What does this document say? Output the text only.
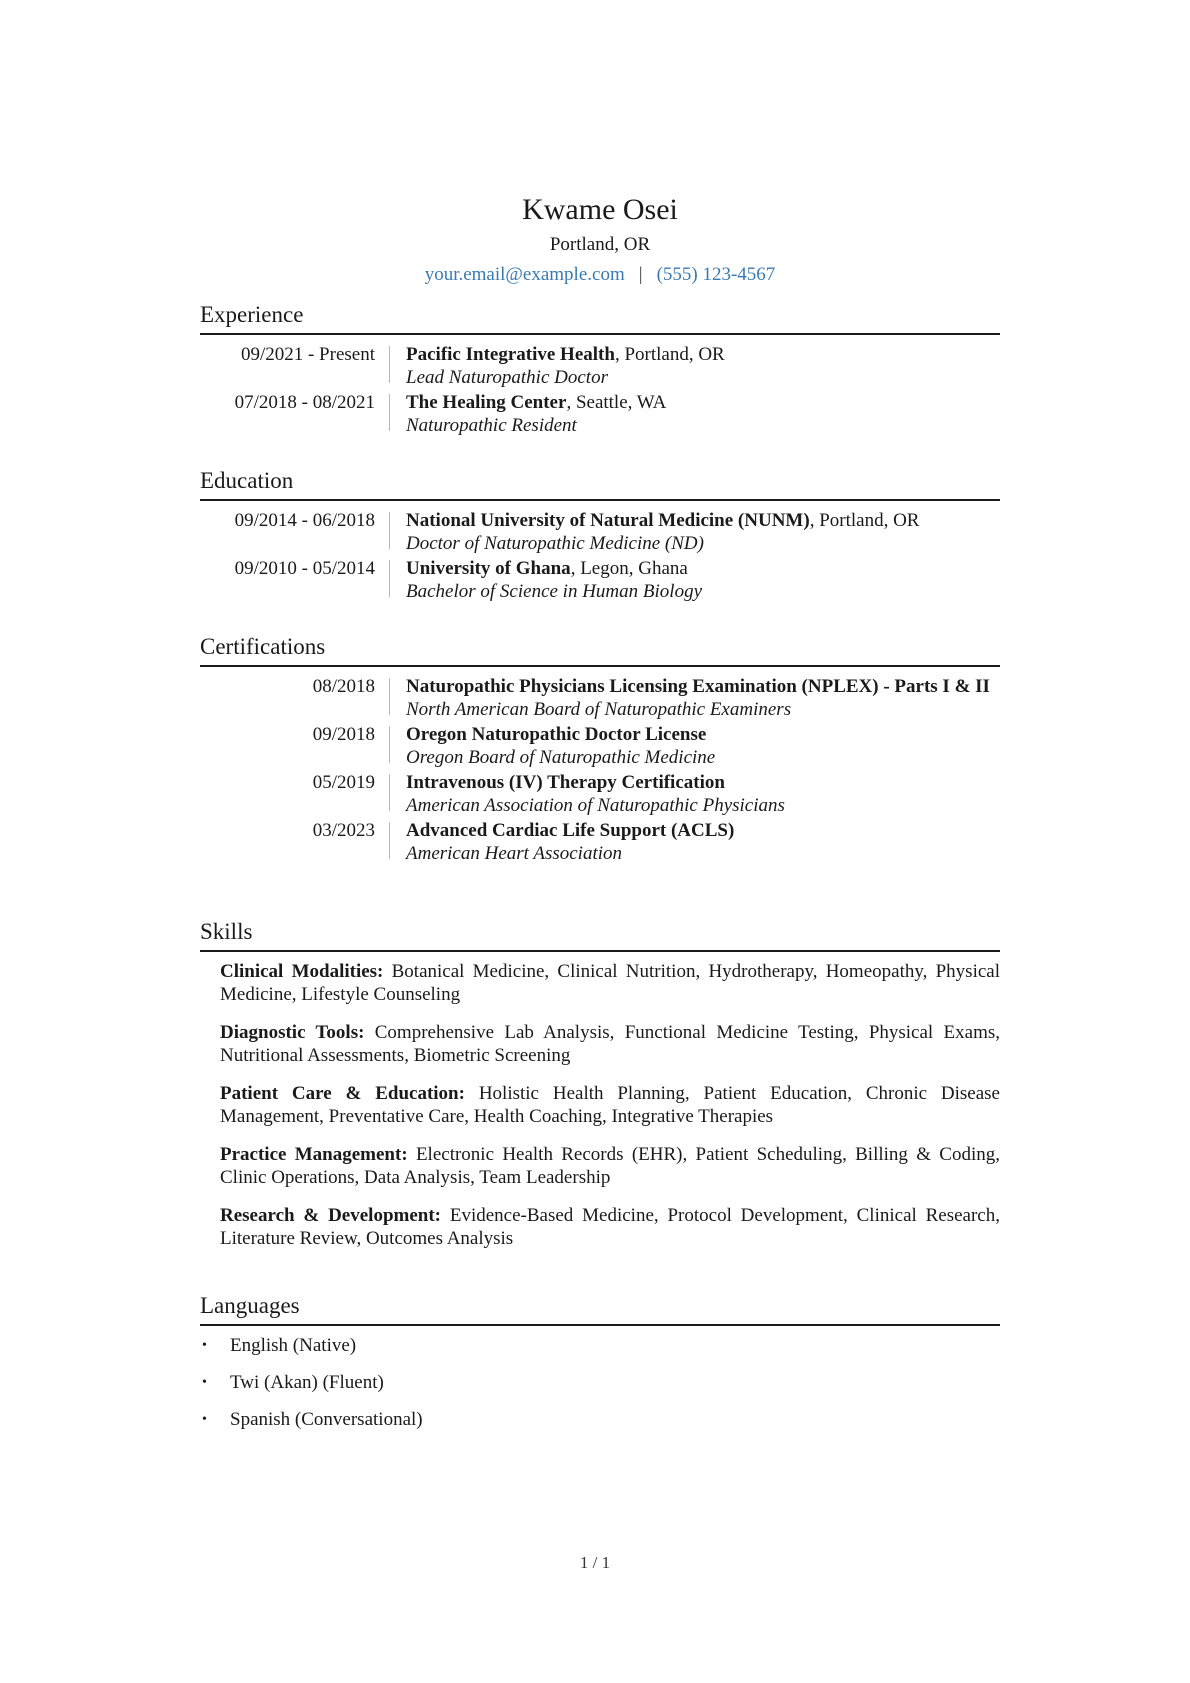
Kwame Osei
Portland, OR
your.email@example.com | (555) 123-4567
Experience
09/2021 - Present	Pacific Integrative Health, Portland, OR
Lead Naturopathic Doctor
07/2018 - 08/2021	The Healing Center, Seattle, WA
Naturopathic Resident
Education
09/2014 - 06/2018	National University of Natural Medicine (NUNM), Portland, OR
Doctor of Naturopathic Medicine (ND)
09/2010 - 05/2014	University of Ghana, Legon, Ghana
Bachelor of Science in Human Biology
Certifications
08/2018	Naturopathic Physicians Licensing Examination (NPLEX) - Parts I & II
North American Board of Naturopathic Examiners
09/2018	Oregon Naturopathic Doctor License
Oregon Board of Naturopathic Medicine
05/2019	Intravenous (IV) Therapy Certification
American Association of Naturopathic Physicians
03/2023	Advanced Cardiac Life Support (ACLS)
American Heart Association
Skills
Clinical Modalities: Botanical Medicine, Clinical Nutrition, Hydrotherapy, Homeopathy, Physical Medicine, Lifestyle Counseling
Diagnostic Tools: Comprehensive Lab Analysis, Functional Medicine Testing, Physical Exams, Nutritional Assessments, Biometric Screening
Patient Care & Education: Holistic Health Planning, Patient Education, Chronic Disease Management, Preventative Care, Health Coaching, Integrative Therapies
Practice Management: Electronic Health Records (EHR), Patient Scheduling, Billing & Coding, Clinic Operations, Data Analysis, Team Leadership
Research & Development: Evidence-Based Medicine, Protocol Development, Clinical Research, Literature Review, Outcomes Analysis
Languages
• English (Native)
• Twi (Akan) (Fluent)
• Spanish (Conversational)
1 / 1
